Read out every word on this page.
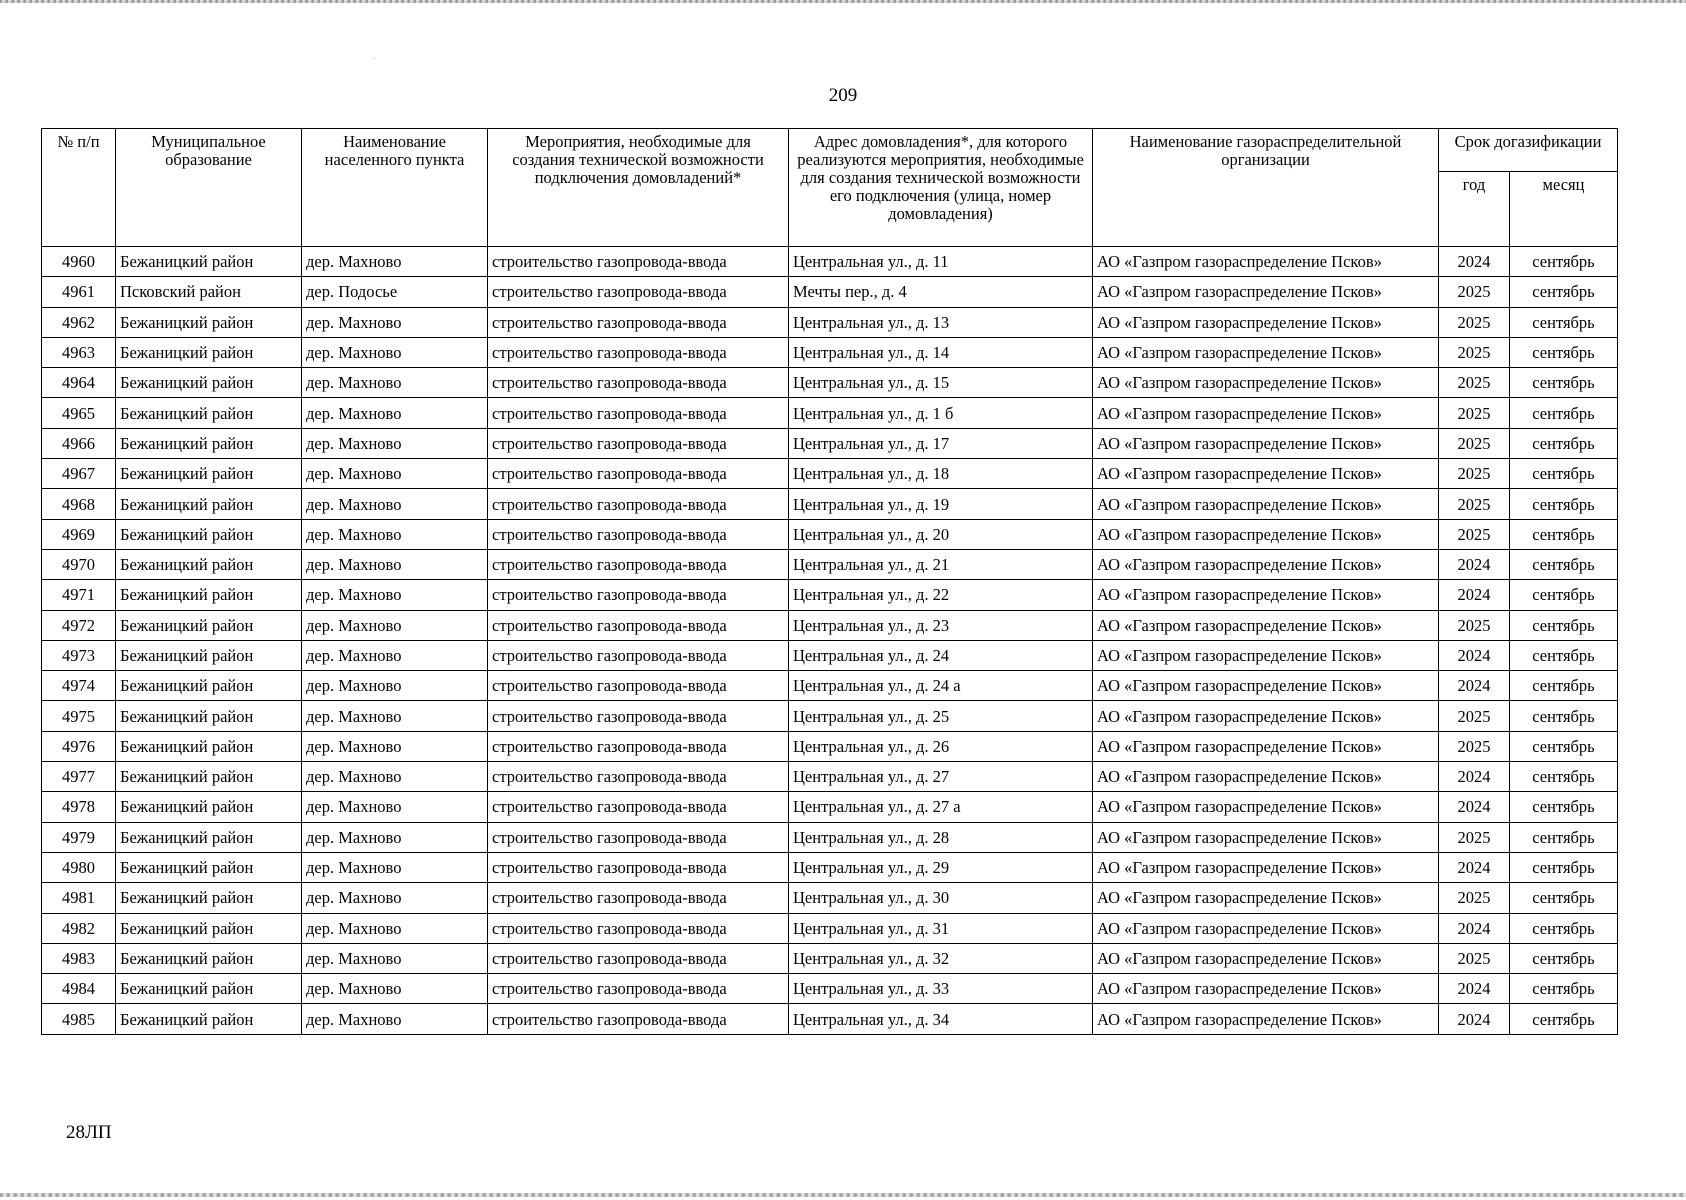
209
№ п/п	Муниципальное образование	Наименование населенного пункта	Мероприятия, необходимые для создания технической возможности подключения домовладений*	Адрес домовладения*, для которого реализуются мероприятия, необходимые для создания технической возможности его подключения (улица, номер домовладения)	Наименование газораспределительной организации	Срок догазификации	
						год	месяц
4960	Бежаницкий район	дер. Махново	строительство газопровода-ввода	Центральная ул., д. 11	АО «Газпром газораспределение Псков»	2024	сентябрь
4961	Псковский район	дер. Подосье	строительство газопровода-ввода	Мечты пер., д. 4	АО «Газпром газораспределение Псков»	2025	сентябрь
4962	Бежаницкий район	дер. Махново	строительство газопровода-ввода	Центральная ул., д. 13	АО «Газпром газораспределение Псков»	2025	сентябрь
4963	Бежаницкий район	дер. Махново	строительство газопровода-ввода	Центральная ул., д. 14	АО «Газпром газораспределение Псков»	2025	сентябрь
4964	Бежаницкий район	дер. Махново	строительство газопровода-ввода	Центральная ул., д. 15	АО «Газпром газораспределение Псков»	2025	сентябрь
4965	Бежаницкий район	дер. Махново	строительство газопровода-ввода	Центральная ул., д. 1 б	АО «Газпром газораспределение Псков»	2025	сентябрь
4966	Бежаницкий район	дер. Махново	строительство газопровода-ввода	Центральная ул., д. 17	АО «Газпром газораспределение Псков»	2025	сентябрь
4967	Бежаницкий район	дер. Махново	строительство газопровода-ввода	Центральная ул., д. 18	АО «Газпром газораспределение Псков»	2025	сентябрь
4968	Бежаницкий район	дер. Махново	строительство газопровода-ввода	Центральная ул., д. 19	АО «Газпром газораспределение Псков»	2025	сентябрь
4969	Бежаницкий район	дер. Махново	строительство газопровода-ввода	Центральная ул., д. 20	АО «Газпром газораспределение Псков»	2025	сентябрь
4970	Бежаницкий район	дер. Махново	строительство газопровода-ввода	Центральная ул., д. 21	АО «Газпром газораспределение Псков»	2024	сентябрь
4971	Бежаницкий район	дер. Махново	строительство газопровода-ввода	Центральная ул., д. 22	АО «Газпром газораспределение Псков»	2024	сентябрь
4972	Бежаницкий район	дер. Махново	строительство газопровода-ввода	Центральная ул., д. 23	АО «Газпром газораспределение Псков»	2025	сентябрь
4973	Бежаницкий район	дер. Махново	строительство газопровода-ввода	Центральная ул., д. 24	АО «Газпром газораспределение Псков»	2024	сентябрь
4974	Бежаницкий район	дер. Махново	строительство газопровода-ввода	Центральная ул., д. 24 а	АО «Газпром газораспределение Псков»	2024	сентябрь
4975	Бежаницкий район	дер. Махново	строительство газопровода-ввода	Центральная ул., д. 25	АО «Газпром газораспределение Псков»	2025	сентябрь
4976	Бежаницкий район	дер. Махново	строительство газопровода-ввода	Центральная ул., д. 26	АО «Газпром газораспределение Псков»	2025	сентябрь
4977	Бежаницкий район	дер. Махново	строительство газопровода-ввода	Центральная ул., д. 27	АО «Газпром газораспределение Псков»	2024	сентябрь
4978	Бежаницкий район	дер. Махново	строительство газопровода-ввода	Центральная ул., д. 27 а	АО «Газпром газораспределение Псков»	2024	сентябрь
4979	Бежаницкий район	дер. Махново	строительство газопровода-ввода	Центральная ул., д. 28	АО «Газпром газораспределение Псков»	2025	сентябрь
4980	Бежаницкий район	дер. Махново	строительство газопровода-ввода	Центральная ул., д. 29	АО «Газпром газораспределение Псков»	2024	сентябрь
4981	Бежаницкий район	дер. Махново	строительство газопровода-ввода	Центральная ул., д. 30	АО «Газпром газораспределение Псков»	2025	сентябрь
4982	Бежаницкий район	дер. Махново	строительство газопровода-ввода	Центральная ул., д. 31	АО «Газпром газораспределение Псков»	2024	сентябрь
4983	Бежаницкий район	дер. Махново	строительство газопровода-ввода	Центральная ул., д. 32	АО «Газпром газораспределение Псков»	2025	сентябрь
4984	Бежаницкий район	дер. Махново	строительство газопровода-ввода	Центральная ул., д. 33	АО «Газпром газораспределение Псков»	2024	сентябрь
4985	Бежаницкий район	дер. Махново	строительство газопровода-ввода	Центральная ул., д. 34	АО «Газпром газораспределение Псков»	2024	сентябрь
28ЛП
